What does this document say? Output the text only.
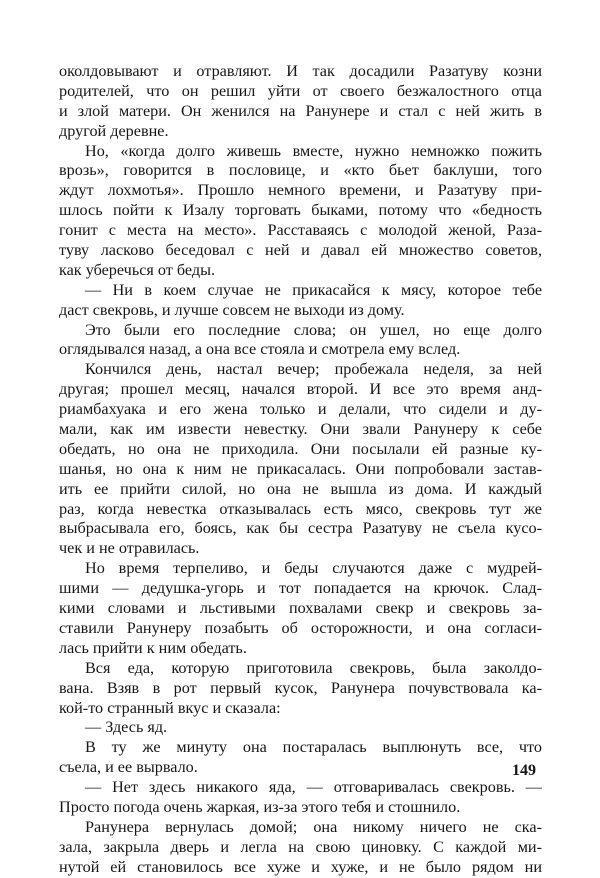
околдовывают и отравляют. И так досадили Разатуву козни
родителей, что он решил уйти от своего безжалостного отца
и злой матери. Он женился на Ранунере и стал с ней жить в
другой деревне.
Но, «когда долго живешь вместе, нужно немножко пожить
врозь», говорится в пословице, и «кто бьет баклуши, того
ждут лохмотья». Прошло немного времени, и Разатуву при-
шлось пойти к Изалу торговать быками, потому что «бедность
гонит с места на место». Расставаясь с молодой женой, Раза-
туву ласково беседовал с ней и давал ей множество советов,
как уберечься от беды.
— Ни в коем случае не прикасайся к мясу, которое тебе
даст свекровь, и лучше совсем не выходи из дому.
Это были его последние слова; он ушел, но еще долго
оглядывался назад, а она все стояла и смотрела ему вслед.
Кончился день, настал вечер; пробежала неделя, за ней
другая; прошел месяц, начался второй. И все это время анд-
риамбахуака и его жена только и делали, что сидели и ду-
мали, как им извести невестку. Они звали Ранунеру к себе
обедать, но она не приходила. Они посылали ей разные ку-
шанья, но она к ним не прикасалась. Они попробовали застав-
ить ее прийти силой, но она не вышла из дома. И каждый
раз, когда невестка отказывалась есть мясо, свекровь тут же
выбрасывала его, боясь, как бы сестра Разатуву не съела кусо-
чек и не отравилась.
Но время терпеливо, и беды случаются даже с мудрей-
шими — дедушка-угорь и тот попадается на крючок. Слад-
кими словами и льстивыми похвалами свекр и свекровь за-
ставили Ранунеру позабыть об осторожности, и она согласи-
лась прийти к ним обедать.
Вся еда, которую приготовила свекровь, была заколдо-
вана. Взяв в рот первый кусок, Ранунера почувствовала ка-
кой-то странный вкус и сказала:
— Здесь яд.
В ту же минуту она постаралась выплюнуть все, что
съела, и ее вырвало.
— Нет здесь никакого яда, — отговаривалась свекровь. —
Просто погода очень жаркая, из-за этого тебя и стошнило.
Ранунера вернулась домой; она никому ничего не ска-
зала, закрыла дверь и легла на свою циновку. С каждой ми-
нутой ей становилось все хуже и хуже, и не было рядом ни
149
